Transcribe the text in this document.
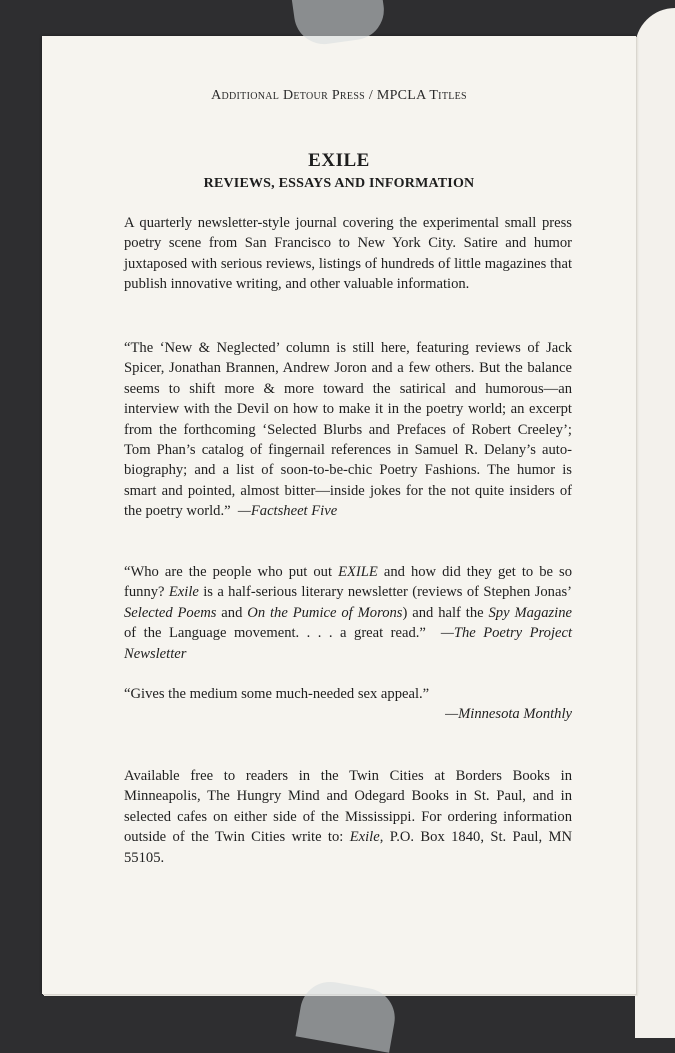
Additional Detour Press / MPCLA Titles
EXILE
REVIEWS, ESSAYS AND INFORMATION
A quarterly newsletter-style journal covering the experimental small press poetry scene from San Francisco to New York City. Satire and humor juxtaposed with serious reviews, listings of hundreds of little magazines that publish innovative writing, and other valuable information.
“The ‘New & Neglected’ column is still here, featuring reviews of Jack Spicer, Jonathan Brannen, Andrew Joron and a few others. But the balance seems to shift more & more toward the satirical and humorous—an interview with the Devil on how to make it in the poetry world; an excerpt from the forthcoming ‘Selected Blurbs and Prefaces of Robert Creeley’; Tom Phan’s catalog of fingernail references in Samuel R. Delany’s auto-biography; and a list of soon-to-be-chic Poetry Fashions. The humor is smart and pointed, almost bitter—inside jokes for the not quite insiders of the poetry world.” —Factsheet Five
“Who are the people who put out EXILE and how did they get to be so funny? Exile is a half-serious literary newsletter (reviews of Stephen Jonas’ Selected Poems and On the Pumice of Morons) and half the Spy Magazine of the Language movement. . . . a great read.” —The Poetry Project Newsletter
“Gives the medium some much-needed sex appeal.”
—Minnesota Monthly
Available free to readers in the Twin Cities at Borders Books in Minneapolis, The Hungry Mind and Odegard Books in St. Paul, and in selected cafes on either side of the Mississippi. For ordering information outside of the Twin Cities write to: Exile, P.O. Box 1840, St. Paul, MN 55105.
